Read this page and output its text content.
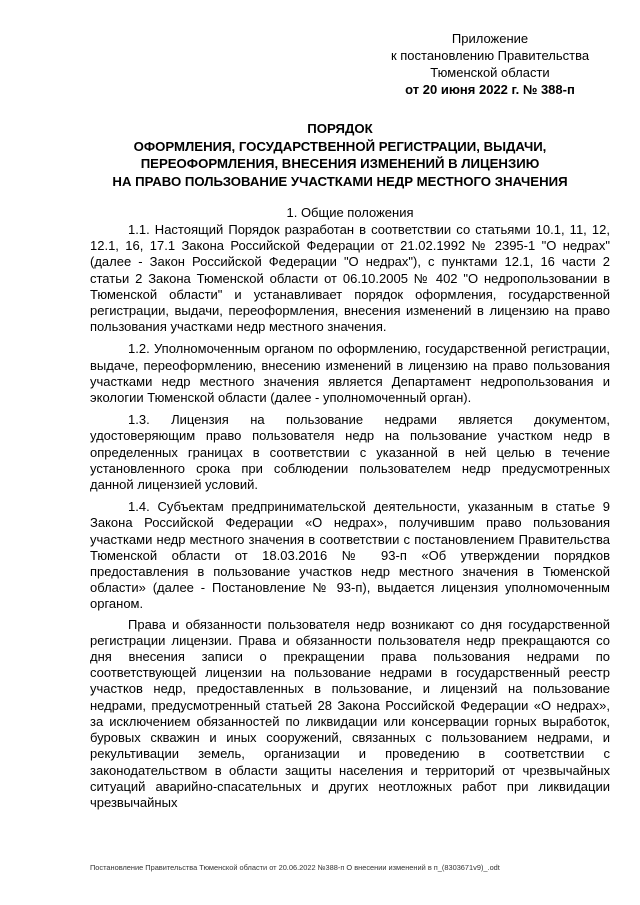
Приложение
к постановлению Правительства
Тюменской области
от 20 июня 2022 г. № 388-п
ПОРЯДОК
ОФОРМЛЕНИЯ, ГОСУДАРСТВЕННОЙ РЕГИСТРАЦИИ, ВЫДАЧИ,
ПЕРЕОФОРМЛЕНИЯ, ВНЕСЕНИЯ ИЗМЕНЕНИЙ В ЛИЦЕНЗИЮ
НА ПРАВО ПОЛЬЗОВАНИЕ УЧАСТКАМИ НЕДР МЕСТНОГО ЗНАЧЕНИЯ
1. Общие положения

1.1. Настоящий Порядок разработан в соответствии со статьями 10.1, 11, 12, 12.1, 16, 17.1 Закона Российской Федерации от 21.02.1992 № 2395-1 "О недрах" (далее - Закон Российской Федерации "О недрах"), с пунктами 12.1, 16 части 2 статьи 2 Закона Тюменской области от 06.10.2005 № 402 "О недропользовании в Тюменской области" и устанавливает порядок оформления, государственной регистрации, выдачи, переоформления, внесения изменений в лицензию на право пользования участками недр местного значения.

1.2. Уполномоченным органом по оформлению, государственной регистрации, выдаче, переоформлению, внесению изменений в лицензию на право пользования участками недр местного значения является Департамент недропользования и экологии Тюменской области (далее - уполномоченный орган).

1.3. Лицензия на пользование недрами является документом, удостоверяющим право пользователя недр на пользование участком недр в определенных границах в соответствии с указанной в ней целью в течение установленного срока при соблюдении пользователем недр предусмотренных данной лицензией условий.

1.4. Субъектам предпринимательской деятельности, указанным в статье 9 Закона Российской Федерации «О недрах», получившим право пользования участками недр местного значения в соответствии с постановлением Правительства Тюменской области от 18.03.2016 № 93-п «Об утверждении порядков предоставления в пользование участков недр местного значения в Тюменской области» (далее - Постановление № 93-п), выдается лицензия уполномоченным органом.

Права и обязанности пользователя недр возникают со дня государственной регистрации лицензии. Права и обязанности пользователя недр прекращаются со дня внесения записи о прекращении права пользования недрами по соответствующей лицензии на пользование недрами в государственный реестр участков недр, предоставленных в пользование, и лицензий на пользование недрами, предусмотренный статьей 28 Закона Российской Федерации «О недрах», за исключением обязанностей по ликвидации или консервации горных выработок, буровых скважин и иных сооружений, связанных с пользованием недрами, и рекультивации земель, организации и проведению в соответствии с законодательством в области защиты населения и территорий от чрезвычайных ситуаций аварийно-спасательных и других неотложных работ при ликвидации чрезвычайных

Постановление Правительства Тюменской области от 20.06.2022 №388-п О внесении изменений в п_(8303671v9)_.odt
